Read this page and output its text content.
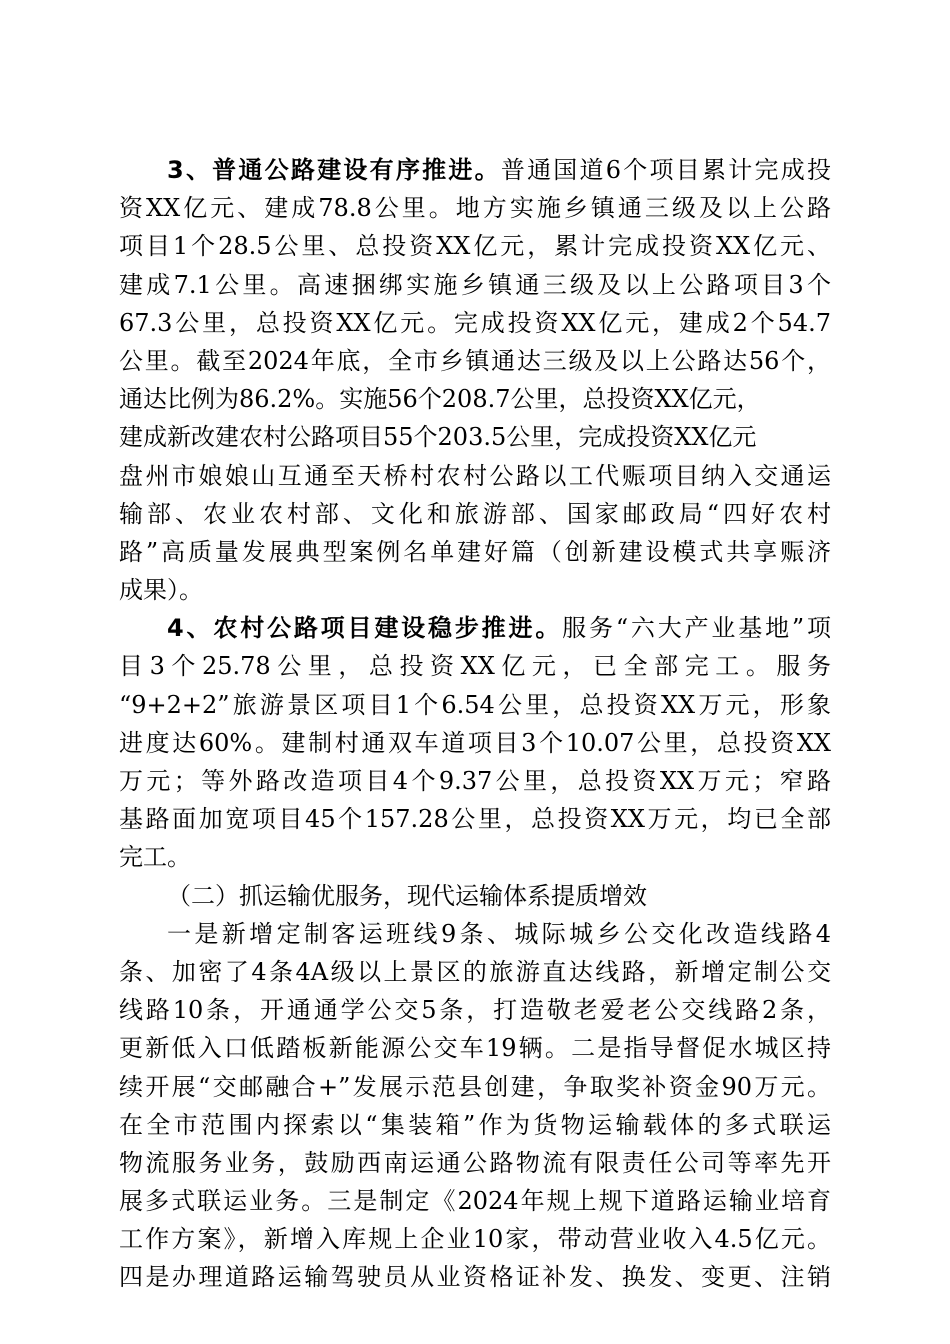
3、普通公路建设有序推进。普通国道6个项目累计完成投
资XX亿元、建成78.8公里。地方实施乡镇通三级及以上公路
项目1个28.5公里、总投资XX亿元，累计完成投资XX亿元、
建成7.1公里。高速捆绑实施乡镇通三级及以上公路项目3个
67.3公里，总投资XX亿元。完成投资XX亿元，建成2个54.7
公里。截至2024年底，全市乡镇通达三级及以上公路达56个，
通达比例为86.2%。实施56个208.7公里，总投资XX亿元，
建成新改建农村公路项目55个203.5公里，完成投资XX亿元
盘州市娘娘山互通至天桥村农村公路以工代赈项目纳入交通运
输部、农业农村部、文化和旅游部、国家邮政局“四好农村
路”高质量发展典型案例名单建好篇（创新建设模式共享赈济
成果）。
4、农村公路项目建设稳步推进。服务“六大产业基地”项
目3个25.78公里，总投资XX亿元，已全部完工。服务
“9+2+2”旅游景区项目1个6.54公里，总投资XX万元，形象
进度达60%。建制村通双车道项目3个10.07公里，总投资XX
万元；等外路改造项目4个9.37公里，总投资XX万元；窄路
基路面加宽项目45个157.28公里，总投资XX万元，均已全部
完工。
（二）抓运输优服务，现代运输体系提质增效
一是新增定制客运班线9条、城际城乡公交化改造线路4
条、加密了4条4A级以上景区的旅游直达线路，新增定制公交
线路10条，开通通学公交5条，打造敬老爱老公交线路2条，
更新低入口低踏板新能源公交车19辆。二是指导督促水城区持
续开展“交邮融合+”发展示范县创建，争取奖补资金90万元。
在全市范围内探索以“集装箱”作为货物运输载体的多式联运
物流服务业务，鼓励西南运通公路物流有限责任公司等率先开
展多式联运业务。三是制定《2024年规上规下道路运输业培育
工作方案》，新增入库规上企业10家，带动营业收入4.5亿元。
四是办理道路运输驾驶员从业资格证补发、换发、变更、注销
